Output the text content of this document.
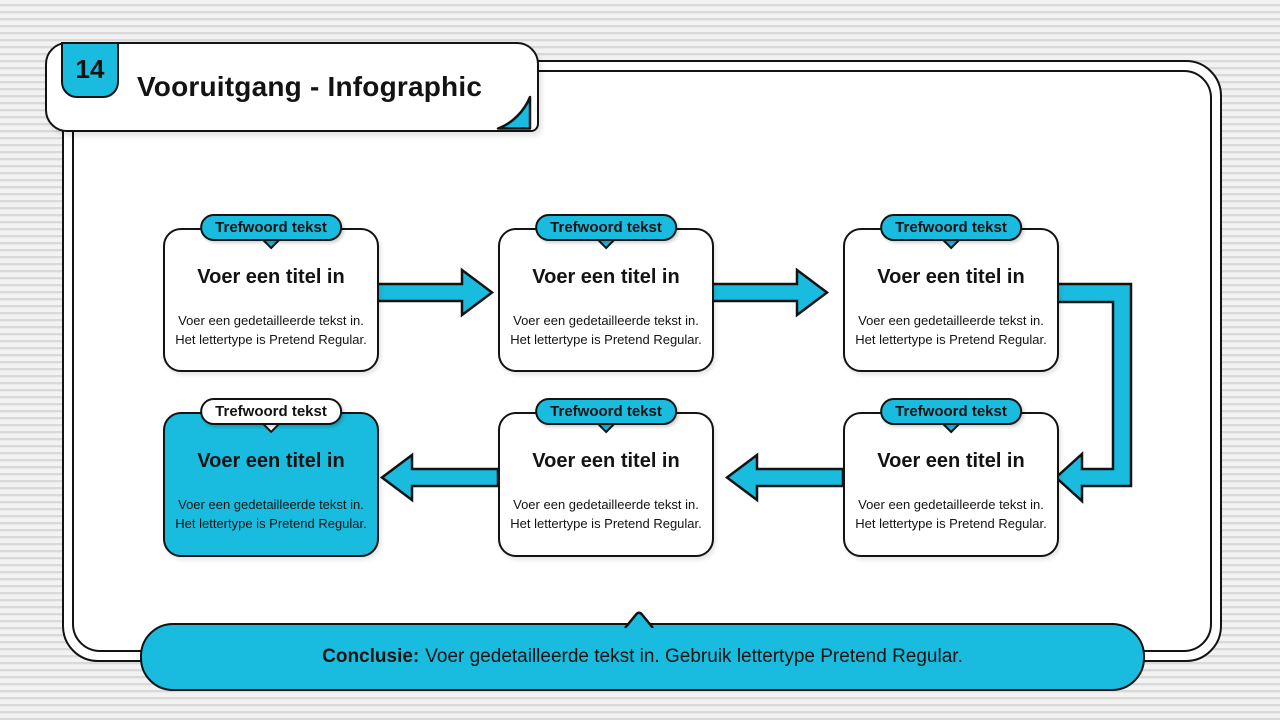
14
Vooruitgang - Infographic
Trefwoord tekst
Voer een titel in
Voer een gedetailleerde tekst in.
Het lettertype is Pretend Regular.
Trefwoord tekst
Voer een titel in
Voer een gedetailleerde tekst in.
Het lettertype is Pretend Regular.
Trefwoord tekst
Voer een titel in
Voer een gedetailleerde tekst in.
Het lettertype is Pretend Regular.
Trefwoord tekst
Voer een titel in
Voer een gedetailleerde tekst in.
Het lettertype is Pretend Regular.
Trefwoord tekst
Voer een titel in
Voer een gedetailleerde tekst in.
Het lettertype is Pretend Regular.
Trefwoord tekst
Voer een titel in
Voer een gedetailleerde tekst in.
Het lettertype is Pretend Regular.
Conclusie: Voer gedetailleerde tekst in. Gebruik lettertype Pretend Regular.
